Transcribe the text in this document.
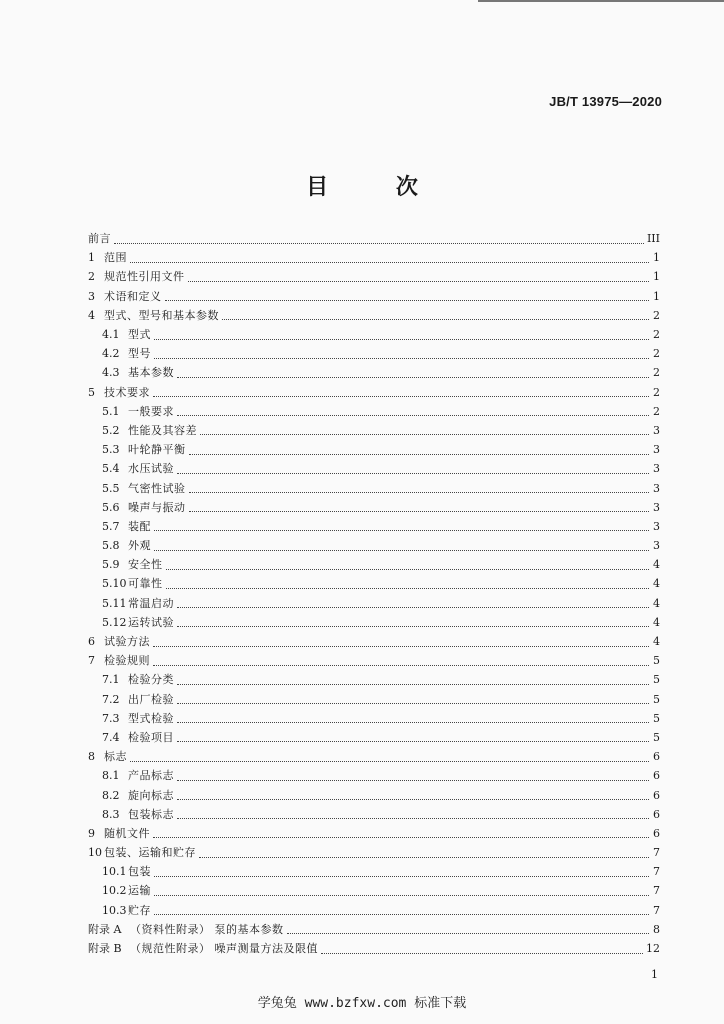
JB/T 13975—2020
目 次
前言	III
1 范围	1
2 规范性引用文件	1
3 术语和定义	1
4 型式、型号和基本参数	2
4.1 型式	2
4.2 型号	2
4.3 基本参数	2
5 技术要求	2
5.1 一般要求	2
5.2 性能及其容差	3
5.3 叶轮静平衡	3
5.4 水压试验	3
5.5 气密性试验	3
5.6 噪声与振动	3
5.7 装配	3
5.8 外观	3
5.9 安全性	4
5.10 可靠性	4
5.11 常温启动	4
5.12 运转试验	4
6 试验方法	4
7 检验规则	5
7.1 检验分类	5
7.2 出厂检验	5
7.3 型式检验	5
7.4 检验项目	5
8 标志	6
8.1 产品标志	6
8.2 旋向标志	6
8.3 包装标志	6
9 随机文件	6
10 包装、运输和贮存	7
10.1 包装	7
10.2 运输	7
10.3 贮存	7
附录 A （资料性附录） 泵的基本参数	8
附录 B （规范性附录） 噪声测量方法及限值	12
1
学兔兔 www.bzfxw.com 标准下载
